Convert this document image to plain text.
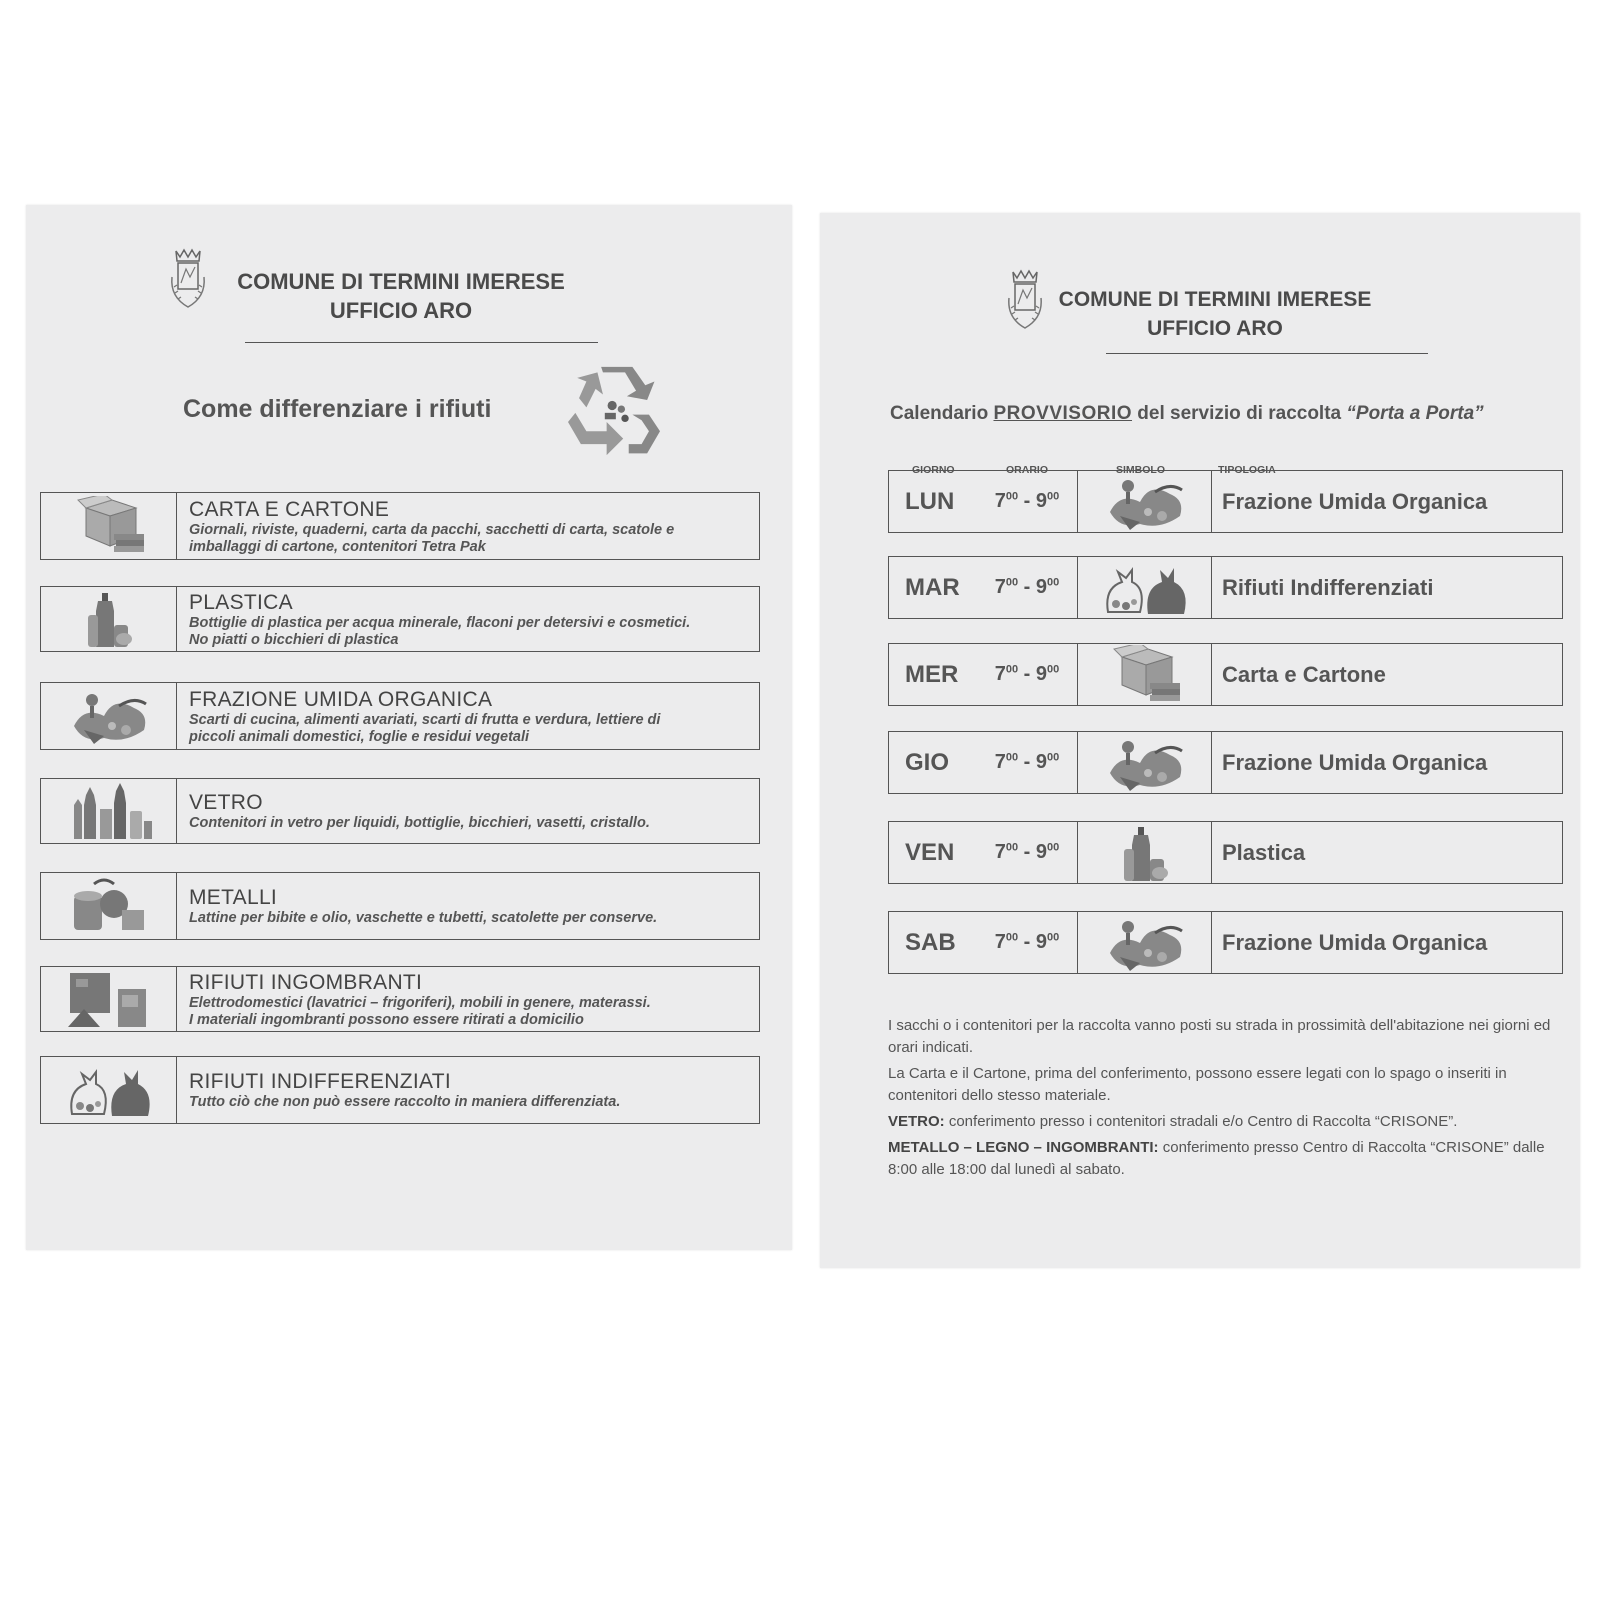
COMUNE DI TERMINI IMERESE
UFFICIO ARO
Come differenziare i rifiuti
CARTA E CARTONE
Giornali, riviste, quaderni, carta da pacchi, sacchetti di carta, scatole e
imballaggi di cartone, contenitori Tetra Pak
PLASTICA
Bottiglie di plastica per acqua minerale, flaconi per detersivi e cosmetici.
No piatti o bicchieri di plastica
FRAZIONE UMIDA ORGANICA
Scarti di cucina, alimenti avariati, scarti di frutta e verdura, lettiere di
piccoli animali domestici, foglie e residui vegetali
VETRO
Contenitori in vetro per liquidi, bottiglie, bicchieri, vasetti, cristallo.
METALLI
Lattine per bibite e olio, vaschette e tubetti, scatolette per conserve.
RIFIUTI INGOMBRANTI
Elettrodomestici (lavatrici – frigoriferi), mobili in genere, materassi.
I materiali ingombranti possono essere ritirati a domicilio
RIFIUTI INDIFFERENZIATI
Tutto ciò che non può essere raccolto in maniera differenziata.
COMUNE DI TERMINI IMERESE
UFFICIO ARO
Calendario PROVVISORIO del servizio di raccolta “Porta a Porta”
GIORNO	ORARIO	SIMBOLO	TIPOLOGIA
LUN	$7^{00} - 9^{00}$	Frazione Umida Organica
MAR	$7^{00} - 9^{00}$	Rifiuti Indifferenziati
MER	$7^{00} - 9^{00}$	Carta e Cartone
GIO	$7^{00} - 9^{00}$	Frazione Umida Organica
VEN	$7^{00} - 9^{00}$	Plastica
SAB	$7^{00} - 9^{00}$	Frazione Umida Organica

I sacchi o i contenitori per la raccolta vanno posti su strada in prossimità dell'abitazione nei giorni ed orari indicati.

La Carta e il Cartone, prima del conferimento, possono essere legati con lo spago o inseriti in contenitori dello stesso materiale.

VETRO: conferimento presso i contenitori stradali e/o Centro di Raccolta “CRISONE”.

METALLO – LEGNO – INGOMBRANTI: conferimento presso Centro di Raccolta “CRISONE” dalle 8:00 alle 18:00 dal lunedì al sabato.
